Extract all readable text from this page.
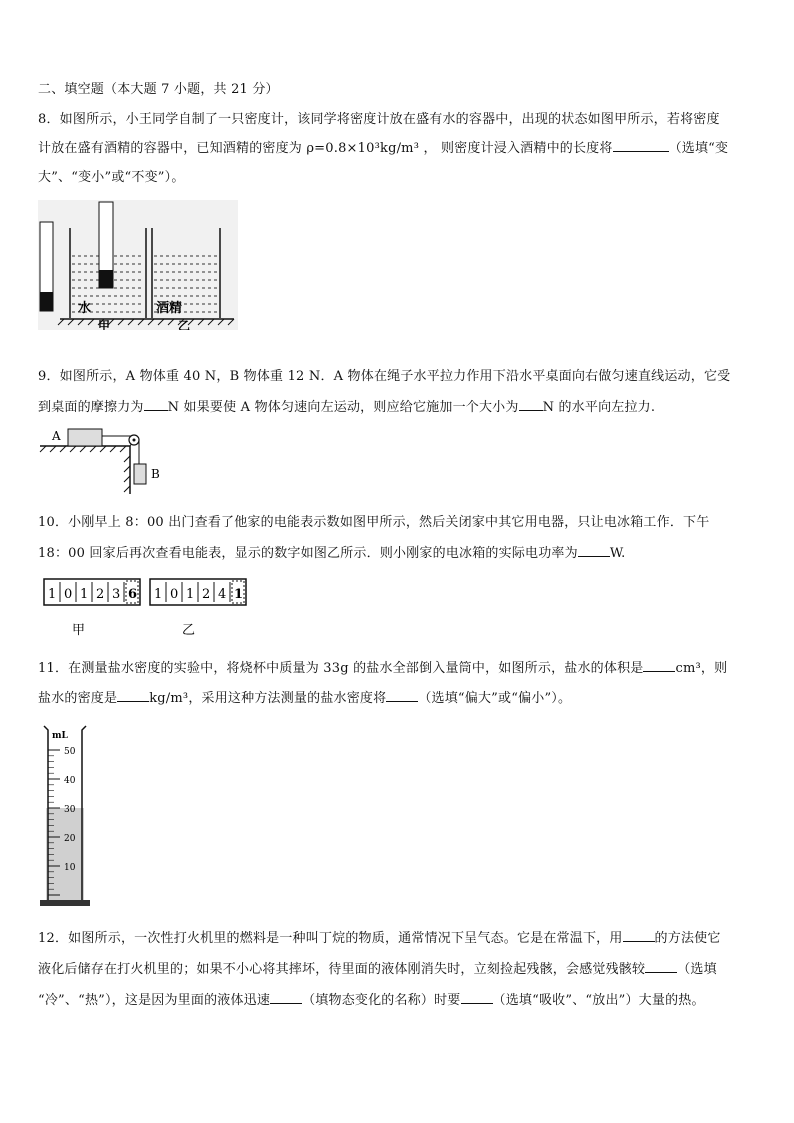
二、填空题（本大题 7 小题，共 21 分）
8．如图所示，小王同学自制了一只密度计，该同学将密度计放在盛有水的容器中，出现的状态如图甲所示，若将密度
计放在盛有酒精的容器中，已知酒精的密度为 ρ=0.8×10³kg/m³ ， 则密度计浸入酒精中的长度将	（选填“变
大”、“变小”或“不变”）。
水	酒精
甲	乙
9．如图所示，A 物体重 40 N，B 物体重 12 N．A 物体在绳子水平拉力作用下沿水平桌面向右做匀速直线运动，它受
到桌面的摩擦力为 N 如果要使 A 物体匀速向左运动，则应给它施加一个大小为 N 的水平向左拉力.
A
B
10．小刚早上 8：00 出门查看了他家的电能表示数如图甲所示，然后关闭家中其它用电器，只让电冰箱工作．下午
18：00 回家后再次查看电能表，显示的数字如图乙所示．则小刚家的电冰箱的实际电功率为 W.
1 0 1 2 3 6
甲
1 0 1 2 4 1
乙
11．在测量盐水密度的实验中，将烧杯中质量为 33g 的盐水全部倒入量筒中，如图所示，盐水的体积是 cm³，则
盐水的密度是 kg/m³，采用这种方法测量的盐水密度将 （选填“偏大”或“偏小”）。
mL
50
40
30
20
10
12．如图所示，一次性打火机里的燃料是一种叫丁烷的物质，通常情况下呈气态。它是在常温下，用 的方法使它
液化后储存在打火机里的；如果不小心将其摔坏，待里面的液体刚消失时，立刻捡起残骸，会感觉残骸较 （选填
“冷”、“热”），这是因为里面的液体迅速 （填物态变化的名称）时要 （选填“吸收”、“放出”）大量的热。
